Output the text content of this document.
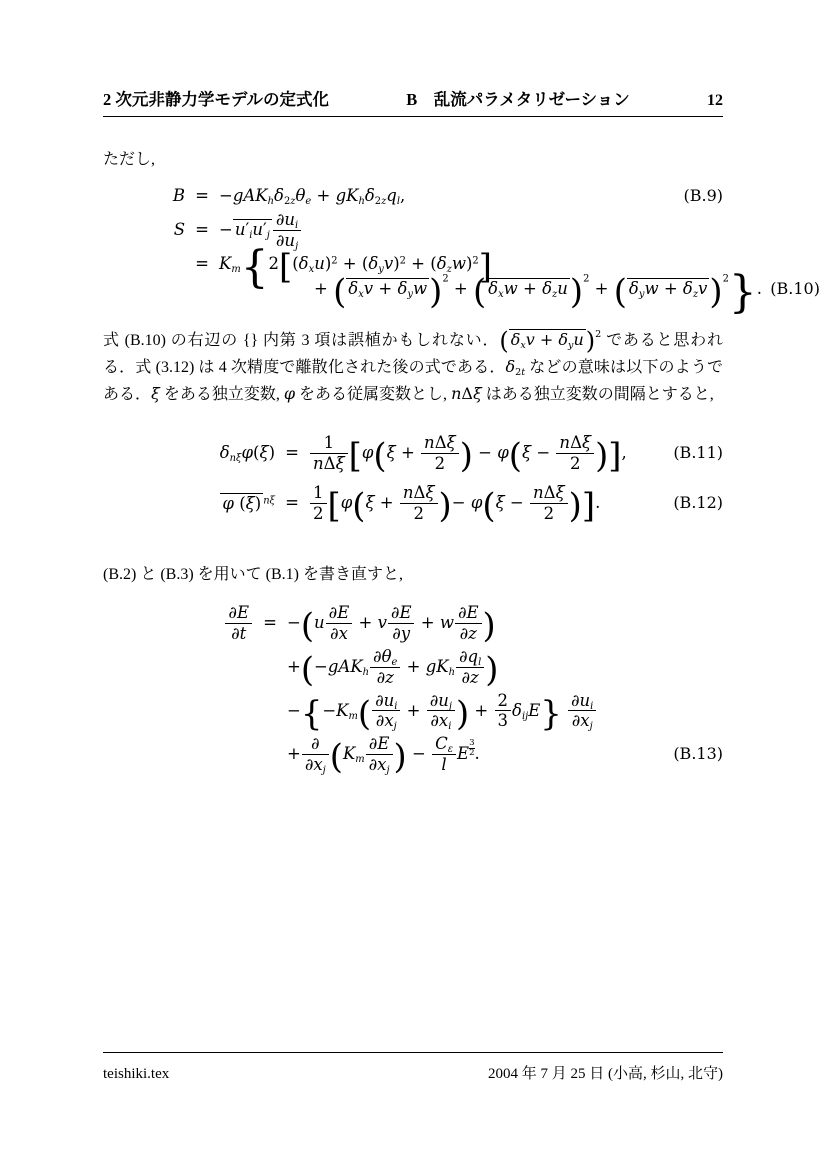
2 次元非静力学モデルの定式化	B　乱流パラメタリゼーション	12

ただし,

$B = -gAK_h\delta_{2z}\theta_e + gK_h\delta_{2z}q_l$,	(B.9)
S = − $u'_iu'_j \frac{\partial u_i}{\partial u_j}$
= $K_m\{2[(\delta_xu)^2 + (\delta_yv)^2 + (\delta_zw)^2]$
+ ( $\delta_xv + \delta_yw)^2$ + ( $\delta_xw + \delta_zu)^2$ + ( $\delta_yw + \delta_zv)^2$}. (B.10)

式 (B.10) の右辺の {} 内第 3 項は誤植かもしれない．( $\delta_xv + \delta_yu)^2$ であると思われる．式 (3.12) は 4 次精度で離散化された後の式である．$\delta_{2t}$ などの意味は以下のようである．ξ をある独立変数, φ をある従属変数とし, nΔξ はある独立変数の間隔とすると,

$\delta_{n\xi}\varphi(\xi)$ =
1
nΔξ [φ(ξ +
nΔξ
2 ) − φ(ξ −
nΔξ
2 )],	(B.11)
φ (ξ) $^{n\xi} = \frac{1}{2} [\varphi(\xi$ +
nΔξ
2 )− φ(ξ −
nΔξ
2 )].	(B.12)

(B.2) と (B.3) を用いて (B.1) を書き直すと,

$\frac{\partial E}{\partial t} = -(u \frac{\partial E}{\partial x} + v \frac{\partial E}{\partial y} + w \frac{\partial E}{\partial z}$ )
$+(-gAK_h \frac{\partial\theta_e}{\partial z} + gK_h \frac{\partial q_l}{\partial z}$ )
$-\{-K_m( \frac{\partial u_i}{\partial x_j} + \frac{\partial u_j}{\partial x_i}$ ) + $\frac{2}{3} \delta_{ij}E\} \frac{\partial u_i}{\partial x_j}$
+
∂
$\partial x_j$ ($K_m \frac{\partial E}{\partial x_j}$ ) − $\frac{C_\varepsilon}{l}$ E $^{\frac{3}{2}}$ .	(B.13)
teishiki.tex	2004 年 7 月 25 日 (小高, 杉山, 北守)
